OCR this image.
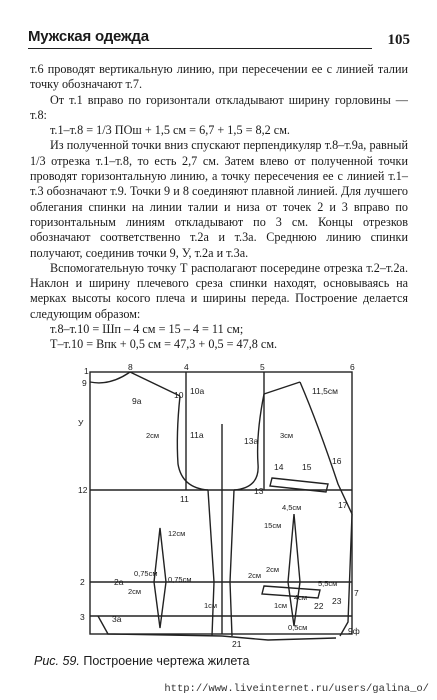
Мужская одежда	105

т.6 проводят вертикальную линию, при пересечении ее с линией талии точку обозначают т.7.

От т.1 вправо по горизонтали откладывают ширину горловины — т.8:

т.1–т.8 = 1/3 ПОш + 1,5 см = 6,7 + 1,5 = 8,2 см.

Из полученной точки вниз спускают перпендикуляр т.8–т.9а, равный 1/3 отрезка т.1–т.8, то есть 2,7 см. Затем влево от полученной точки проводят горизонтальную линию, а точку пересечения ее с линией т.1–т.3 обозначают т.9. Точки 9 и 8 соединяют плавной линией. Для лучшего облегания спинки на линии талии и низа от точек 2 и 3 вправо по горизонтальным линиям откладывают по 3 см. Концы отрезков обозначают соответственно т.2а и т.3а. Среднюю линию спинки получают, соединив точки 9, У, т.2а и т.3а.

Вспомогательную точку Т располагают посередине отрезка т.2–т.2а. Наклон и ширину плечевого среза спинки находят, основываясь на мерках высоты косого плеча и ширины переда. Построение делается следующим образом:

т.8–т.10 = Шп – 4 см = 15 – 4 = 11 см;

Т–т.10 = Впк + 0,5 см = 47,3 + 0,5 = 47,8 см.

1
9
8	4	5	6
У
10 10а
11а
12
11
13
14 15
16
17
13а
11,5см
2	2а
3	3а
21
7
9а
9ф
22 23
2см	3см
4,5см
12см
15см
0,75см
0,75см
2см
1см
2см
2см
5,5см
4см
1см
0,5см
Рис. 59. Построение чертежа жилета
http://www.liveinternet.ru/users/galina_o/
